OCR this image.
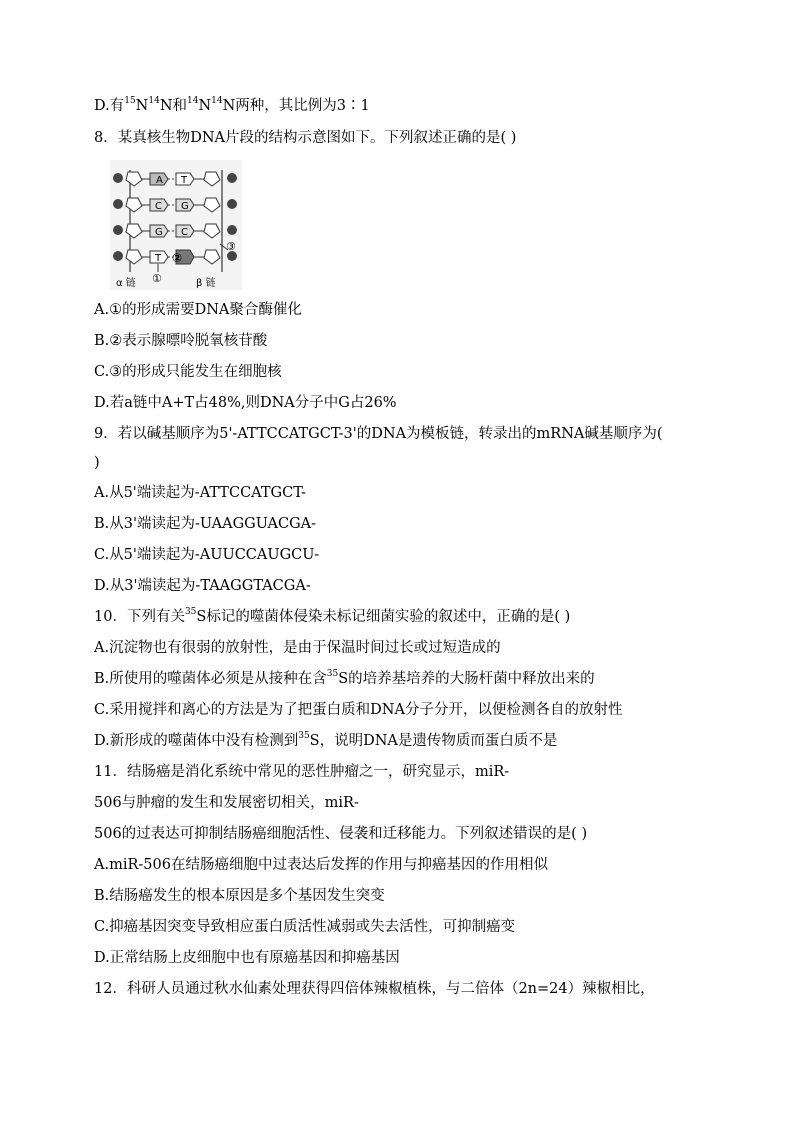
D.有$^{15}N^{14}N$和$^{14}N^{14}N$两种，其比例为3∶1
8．某真核生物DNA片段的结构示意图如下。下列叙述正确的是( )
A T
C G
G C
T
①
②
③
α 链	β 链
A.①的形成需要DNA聚合酶催化
B.②表示腺嘌呤脱氧核苷酸
C.③的形成只能发生在细胞核
D.若a链中A+T占48%,则DNA分子中G占26%
9．若以碱基顺序为5'-ATTCCATGCT-3'的DNA为模板链，转录出的mRNA碱基顺序为(
)
A.从5'端读起为-ATTCCATGCT-
B.从3'端读起为-UAAGGUACGA-
C.从5'端读起为-AUUCCAUGCU-
D.从3'端读起为-TAAGGTACGA-
10．下列有关$^{35}$S标记的噬菌体侵染未标记细菌实验的叙述中，正确的是( )
A.沉淀物也有很弱的放射性，是由于保温时间过长或过短造成的
B.所使用的噬菌体必须是从接种在含$^{35}$S的培养基培养的大肠杆菌中释放出来的
C.采用搅拌和离心的方法是为了把蛋白质和DNA分子分开，以便检测各自的放射性
D.新形成的噬菌体中没有检测到$^{35}$S，说明DNA是遗传物质而蛋白质不是
11．结肠癌是消化系统中常见的恶性肿瘤之一，研究显示，miR-
506与肿瘤的发生和发展密切相关，miR-
506的过表达可抑制结肠癌细胞活性、侵袭和迁移能力。下列叙述错误的是( )
A.miR-506在结肠癌细胞中过表达后发挥的作用与抑癌基因的作用相似
B.结肠癌发生的根本原因是多个基因发生突变
C.抑癌基因突变导致相应蛋白质活性减弱或失去活性，可抑制癌变
D.正常结肠上皮细胞中也有原癌基因和抑癌基因
12．科研人员通过秋水仙素处理获得四倍体辣椒植株，与二倍体（2n=24）辣椒相比，
